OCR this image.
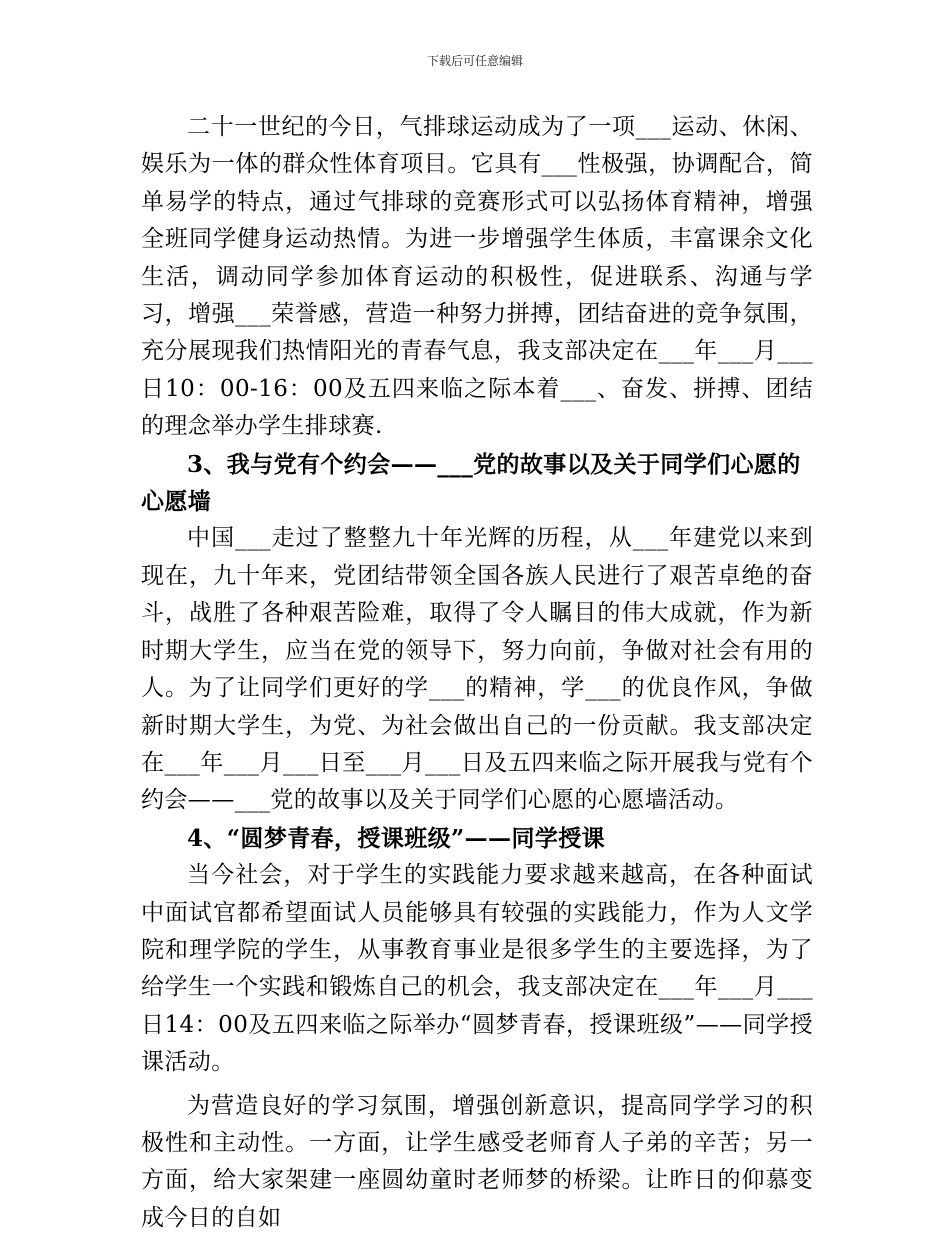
下载后可任意编辑

二十一世纪的今日，气排球运动成为了一项___运动、休闲、娱乐为一体的群众性体育项目。它具有___性极强，协调配合，简单易学的特点，通过气排球的竞赛形式可以弘扬体育精神，增强全班同学健身运动热情。为进一步增强学生体质，丰富课余文化生活，调动同学参加体育运动的积极性，促进联系、沟通与学习，增强___荣誉感，营造一种努力拼搏，团结奋进的竞争氛围，充分展现我们热情阳光的青春气息，我支部决定在___年___月___日10：00-16：00及五四来临之际本着___、奋发、拼搏、团结的理念举办学生排球赛.

3、我与党有个约会——___党的故事以及关于同学们心愿的心愿墙

中国___走过了整整九十年光辉的历程，从___年建党以来到现在，九十年来，党团结带领全国各族人民进行了艰苦卓绝的奋斗，战胜了各种艰苦险难，取得了令人瞩目的伟大成就，作为新时期大学生，应当在党的领导下，努力向前，争做对社会有用的人。为了让同学们更好的学___的精神，学___的优良作风，争做新时期大学生，为党、为社会做出自己的一份贡献。我支部决定在___年___月___日至___月___日及五四来临之际开展我与党有个约会——___党的故事以及关于同学们心愿的心愿墙活动。

4、“圆梦青春，授课班级”——同学授课

当今社会，对于学生的实践能力要求越来越高，在各种面试中面试官都希望面试人员能够具有较强的实践能力，作为人文学院和理学院的学生，从事教育事业是很多学生的主要选择，为了给学生一个实践和锻炼自己的机会，我支部决定在___年___月___日14：00及五四来临之际举办“圆梦青春，授课班级”——同学授课活动。

为营造良好的学习氛围，增强创新意识，提高同学学习的积极性和主动性。一方面，让学生感受老师育人子弟的辛苦；另一方面，给大家架建一座圆幼童时老师梦的桥梁。让昨日的仰慕变成今日的自如
